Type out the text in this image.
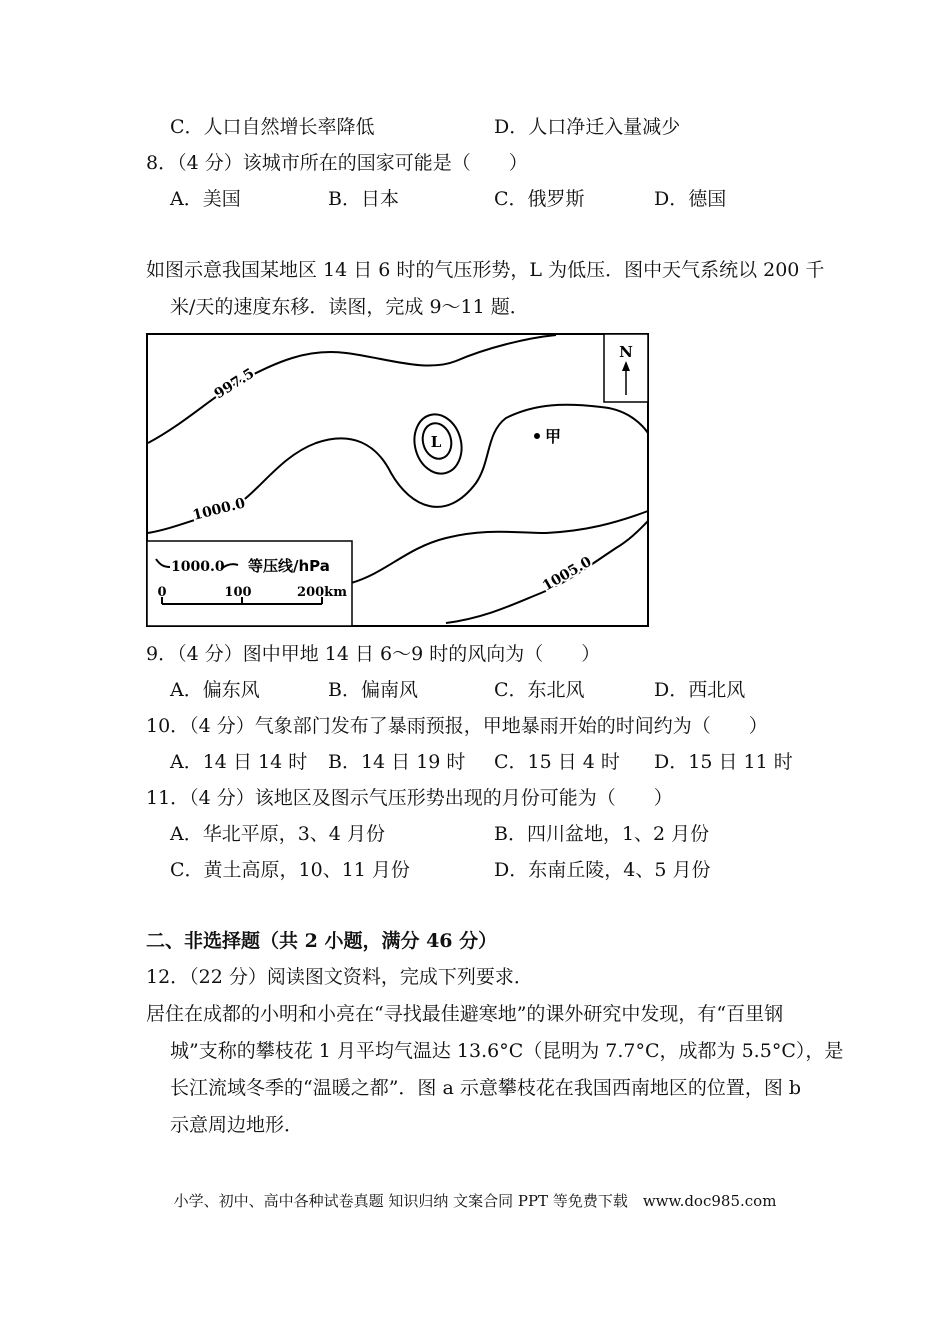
C．人口自然增长率降低	D．人口净迁入量减少
8．（4 分）该城市所在的国家可能是（　　）
A．美国	B．日本	C．俄罗斯	D．德国
如图示意我国某地区 14 日 6 时的气压形势，L 为低压．图中天气系统以 200 千
米/天的速度东移．读图，完成 9～11 题．
N
L	甲
997.5
1000.0
1005.0
1000.0 等压线/hPa
0	100	200km
9．（4 分）图中甲地 14 日 6～9 时的风向为（　　）
A．偏东风	B．偏南风	C．东北风	D．西北风
10．（4 分）气象部门发布了暴雨预报，甲地暴雨开始的时间约为（　　）
A．14 日 14 时 B．14 日 19 时 C．15 日 4 时 D．15 日 11 时
11．（4 分）该地区及图示气压形势出现的月份可能为（　　）
A．华北平原，3、4 月份	B．四川盆地，1、2 月份
C．黄土高原，10、11 月份	D．东南丘陵，4、5 月份
二、非选择题（共 2 小题，满分 46 分）
12．（22 分）阅读图文资料，完成下列要求．
居住在成都的小明和小亮在“寻找最佳避寒地”的课外研究中发现，有“百里钢
城”支称的攀枝花 1 月平均气温达 13.6°C（昆明为 7.7°C，成都为 5.5°C），是
长江流域冬季的“温暖之都”．图 a 示意攀枝花在我国西南地区的位置，图 b
示意周边地形．
小学、初中、高中各种试卷真题 知识归纳 文案合同 PPT 等免费下载　www.doc985.com
